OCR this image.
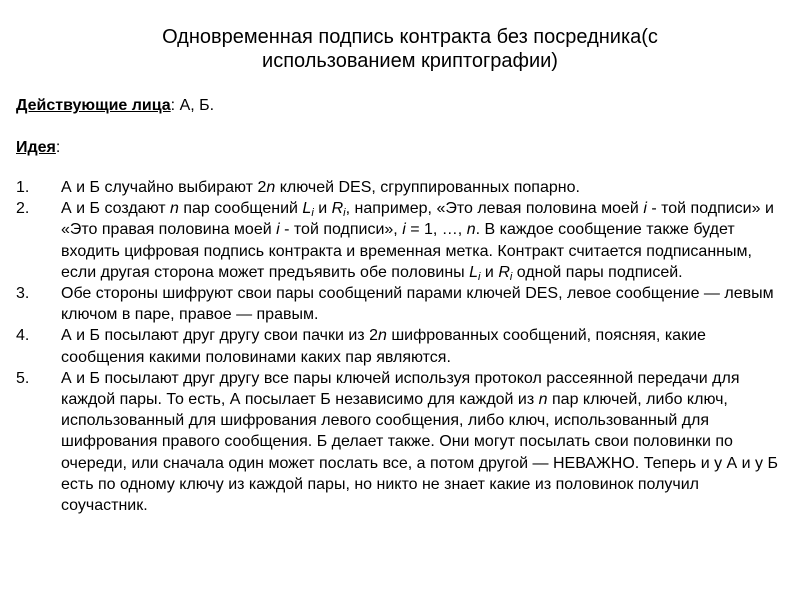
Одновременная подпись контракта без посредника(с
использованием криптографии)
Действующие лица: А, Б.
Идея:
1. А и Б случайно выбирают 2n ключей DES, сгруппированных попарно.
2. А и Б создают n пар сообщений $L_i$ и $R_i$, например, «Это левая половина моей i - той подписи» и «Это правая половина моей i - той подписи», i = 1, …, n. В каждое сообщение также будет входить цифровая подпись контракта и временная метка. Контракт считается подписанным, если другая сторона может предъявить обе половины $L_i$ и $R_i$ одной пары подписей.
3. Обе стороны шифруют свои пары сообщений парами ключей DES, левое сообщение — левым ключом в паре, правое — правым.
4. А и Б посылают друг другу свои пачки из 2n шифрованных сообщений, поясняя, какие сообщения какими половинами каких пар являются.
5. А и Б посылают друг другу все пары ключей используя протокол рассеянной передачи для каждой пары. То есть, А посылает Б независимо для каждой из n пар ключей, либо ключ, использованный для шифрования левого сообщения, либо ключ, использованный для шифрования правого сообщения. Б делает также. Они могут посылать свои половинки по очереди, или сначала один может послать все, а потом другой — НЕВАЖНО. Теперь и у А и у Б есть по одному ключу из каждой пары, но никто не знает какие из половинок получил соучастник.
